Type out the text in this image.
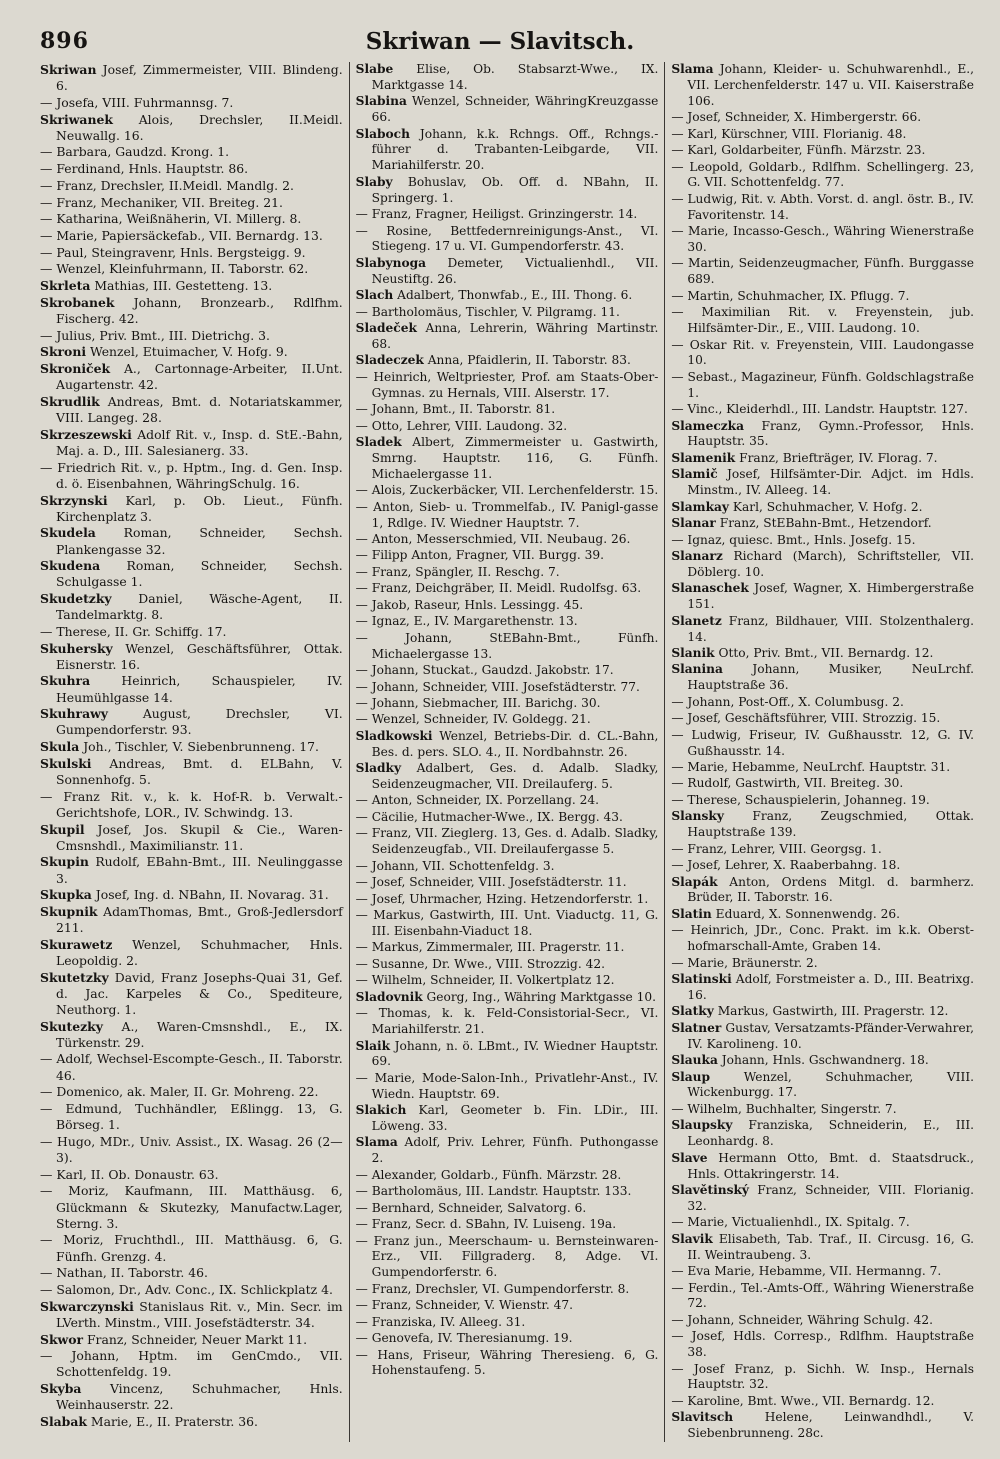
896	Skriwan — Slavitsch.

Skriwan Josef, Zimmermeister, VIII. Blindeng. 6.

— Josefa, VIII. Fuhrmannsg. 7.

Skriwanek Alois, Drechsler, II.Meidl. Neuwallg. 16.

— Barbara, Gaudzd. Krong. 1.

— Ferdinand, Hnls. Hauptstr. 86.

— Franz, Drechsler, II.Meidl. Mandlg. 2.

— Franz, Mechaniker, VII. Breiteg. 21.

— Katharina, Weißnäherin, VI. Millerg. 8.

— Marie, Papiersäckefab., VII. Bernardg. 13.

— Paul, Steingravenr, Hnls. Bergsteigg. 9.

— Wenzel, Kleinfuhrmann, II. Taborstr. 62.

Skrleta Mathias, III. Gestetteng. 13.

Skrobanek Johann, Bronzearb., Rdlfhm. Fischerg. 42.

— Julius, Priv. Bmt., III. Dietrichg. 3.

Skroni Wenzel, Etuimacher, V. Hofg. 9.

Skroniček A., Cartonnage-Arbeiter, II.Unt. Augartenstr. 42.

Skrudlik Andreas, Bmt. d. Notariatskammer, VIII. Langeg. 28.

Skrzeszewski Adolf Rit. v., Insp. d. StE.-Bahn, Maj. a. D., III. Salesianerg. 33.

— Friedrich Rit. v., p. Hptm., Ing. d. Gen. Insp. d. ö. Eisenbahnen, WähringSchulg. 16.

Skrzynski Karl, p. Ob. Lieut., Fünfh. Kirchenplatz 3.

Skudela Roman, Schneider, Sechsh. Plankengasse 32.

Skudena Roman, Schneider, Sechsh. Schulgasse 1.

Skudetzky Daniel, Wäsche-Agent, II. Tandelmarktg. 8.

— Therese, II. Gr. Schiffg. 17.

Skuhersky Wenzel, Geschäftsführer, Ottak. Eisnerstr. 16.

Skuhra Heinrich, Schauspieler, IV. Heumühlgasse 14.

Skuhrawy August, Drechsler, VI. Gumpendorferstr. 93.

Skula Joh., Tischler, V. Siebenbrunneng. 17.

Skulski Andreas, Bmt. d. ELBahn, V. Sonnenhofg. 5.

— Franz Rit. v., k. k. Hof-R. b. Verwalt.-Gerichtshofe, LOR., IV. Schwindg. 13.

Skupil Josef, Jos. Skupil & Cie., Waren-Cmsnshdl., Maximilianstr. 11.

Skupin Rudolf, EBahn-Bmt., III. Neulinggasse 3.

Skupka Josef, Ing. d. NBahn, II. Novarag. 31.

Skupnik AdamThomas, Bmt., Groß-Jedlersdorf 211.

Skurawetz Wenzel, Schuhmacher, Hnls. Leopoldig. 2.

Skutetzky David, Franz Josephs-Quai 31, Gef. d. Jac. Karpeles & Co., Spediteure, Neuthorg. 1.

Skutezky A., Waren-Cmsnshdl., E., IX. Türkenstr. 29.

— Adolf, Wechsel-Escompte-Gesch., II. Taborstr. 46.

— Domenico, ak. Maler, II. Gr. Mohreng. 22.

— Edmund, Tuchhändler, Eßlingg. 13, G. Börseg. 1.

— Hugo, MDr., Univ. Assist., IX. Wasag. 26 (2—3).

— Karl, II. Ob. Donaustr. 63.

— Moriz, Kaufmann, III. Matthäusg. 6, Glückmann & Skutezky, Manufactw.Lager, Sterng. 3.

— Moriz, Fruchthdl., III. Matthäusg. 6, G. Fünfh. Grenzg. 4.

— Nathan, II. Taborstr. 46.

— Salomon, Dr., Adv. Conc., IX. Schlickplatz 4.

Skwarczynski Stanislaus Rit. v., Min. Secr. im LVerth. Minstm., VIII. Josefstädterstr. 34.

Skwor Franz, Schneider, Neuer Markt 11.

— Johann, Hptm. im GenCmdo., VII. Schottenfeldg. 19.

Skyba Vincenz, Schuhmacher, Hnls. Weinhauserstr. 22.

Slabak Marie, E., II. Praterstr. 36.

Slabe Elise, Ob. Stabsarzt-Wwe., IX. Marktgasse 14.

Slabina Wenzel, Schneider, WähringKreuzgasse 66.

Slaboch Johann, k.k. Rchngs. Off., Rchngs.-führer d. Trabanten-Leibgarde, VII. Mariahilferstr. 20.

Slaby Bohuslav, Ob. Off. d. NBahn, II. Springerg. 1.

— Franz, Fragner, Heiligst. Grinzingerstr. 14.

— Rosine, Bettfedernreinigungs-Anst., VI. Stiegeng. 17 u. VI. Gumpendorferstr. 43.

Slabynoga Demeter, Victualienhdl., VII. Neustiftg. 26.

Slach Adalbert, Thonwfab., E., III. Thong. 6.

— Bartholomäus, Tischler, V. Pilgramg. 11.

Sladeček Anna, Lehrerin, Währing Martinstr. 68.

Sladeczek Anna, Pfaidlerin, II. Taborstr. 83.

— Heinrich, Weltpriester, Prof. am Staats-Ober-Gymnas. zu Hernals, VIII. Alserstr. 17.

— Johann, Bmt., II. Taborstr. 81.

— Otto, Lehrer, VIII. Laudong. 32.

Sladek Albert, Zimmermeister u. Gastwirth, Smrng. Hauptstr. 116, G. Fünfh. Michaelergasse 11.

— Alois, Zuckerbäcker, VII. Lerchenfelderstr. 15.

— Anton, Sieb- u. Trommelfab., IV. Panigl-gasse 1, Rdlge. IV. Wiedner Hauptstr. 7.

— Anton, Messerschmied, VII. Neubaug. 26.

— Filipp Anton, Fragner, VII. Burgg. 39.

— Franz, Spängler, II. Reschg. 7.

— Franz, Deichgräber, II. Meidl. Rudolfsg. 63.

— Jakob, Raseur, Hnls. Lessingg. 45.

— Ignaz, E., IV. Margarethenstr. 13.

— Johann, StEBahn-Bmt., Fünfh. Michaelergasse 13.

— Johann, Stuckat., Gaudzd. Jakobstr. 17.

— Johann, Schneider, VIII. Josefstädterstr. 77.

— Johann, Siebmacher, III. Barichg. 30.

— Wenzel, Schneider, IV. Goldegg. 21.

Sladkowski Wenzel, Betriebs-Dir. d. CL.-Bahn, Bes. d. pers. SLO. 4., II. Nordbahnstr. 26.

Sladky Adalbert, Ges. d. Adalb. Sladky, Seidenzeugmacher, VII. Dreilauferg. 5.

— Anton, Schneider, IX. Porzellang. 24.

— Cäcilie, Hutmacher-Wwe., IX. Bergg. 43.

— Franz, VII. Zieglerg. 13, Ges. d. Adalb. Sladky, Seidenzeugfab., VII. Dreilaufergasse 5.

— Johann, VII. Schottenfeldg. 3.

— Josef, Schneider, VIII. Josefstädterstr. 11.

— Josef, Uhrmacher, Hzing. Hetzendorferstr. 1.

— Markus, Gastwirth, III. Unt. Viaductg. 11, G. III. Eisenbahn-Viaduct 18.

— Markus, Zimmermaler, III. Pragerstr. 11.

— Susanne, Dr. Wwe., VIII. Strozzig. 42.

— Wilhelm, Schneider, II. Volkertplatz 12.

Sladovnik Georg, Ing., Währing Marktgasse 10.

— Thomas, k. k. Feld-Consistorial-Secr., VI. Mariahilferstr. 21.

Slaik Johann, n. ö. LBmt., IV. Wiedner Hauptstr. 69.

— Marie, Mode-Salon-Inh., Privatlehr-Anst., IV. Wiedn. Hauptstr. 69.

Slakich Karl, Geometer b. Fin. LDir., III. Löweng. 33.

Slama Adolf, Priv. Lehrer, Fünfh. Puthongasse 2.

— Alexander, Goldarb., Fünfh. Märzstr. 28.

— Bartholomäus, III. Landstr. Hauptstr. 133.

— Bernhard, Schneider, Salvatorg. 6.

— Franz, Secr. d. SBahn, IV. Luiseng. 19a.

— Franz jun., Meerschaum- u. Bernsteinwaren-Erz., VII. Fillgraderg. 8, Adge. VI. Gumpendorferstr. 6.

— Franz, Drechsler, VI. Gumpendorferstr. 8.

— Franz, Schneider, V. Wienstr. 47.

— Franziska, IV. Alleeg. 31.

— Genovefa, IV. Theresianumg. 19.

— Hans, Friseur, Währing Theresieng. 6, G. Hohenstaufeng. 5.

Slama Johann, Kleider- u. Schuhwarenhdl., E., VII. Lerchenfelderstr. 147 u. VII. Kaiserstraße 106.

— Josef, Schneider, X. Himbergerstr. 66.

— Karl, Kürschner, VIII. Florianig. 48.

— Karl, Goldarbeiter, Fünfh. Märzstr. 23.

— Leopold, Goldarb., Rdlfhm. Schellingerg. 23, G. VII. Schottenfeldg. 77.

— Ludwig, Rit. v. Abth. Vorst. d. angl. östr. B., IV. Favoritenstr. 14.

— Marie, Incasso-Gesch., Währing Wienerstraße 30.

— Martin, Seidenzeugmacher, Fünfh. Burggasse 689.

— Martin, Schuhmacher, IX. Pflugg. 7.

— Maximilian Rit. v. Freyenstein, jub. Hilfsämter-Dir., E., VIII. Laudong. 10.

— Oskar Rit. v. Freyenstein, VIII. Laudongasse 10.

— Sebast., Magazineur, Fünfh. Goldschlagstraße 1.

— Vinc., Kleiderhdl., III. Landstr. Hauptstr. 127.

Slameczka Franz, Gymn.-Professor, Hnls. Hauptstr. 35.

Slamenik Franz, Briefträger, IV. Florag. 7.

Slamič Josef, Hilfsämter-Dir. Adjct. im Hdls. Minstm., IV. Alleeg. 14.

Slamkay Karl, Schuhmacher, V. Hofg. 2.

Slanar Franz, StEBahn-Bmt., Hetzendorf.

— Ignaz, quiesc. Bmt., Hnls. Josefg. 15.

Slanarz Richard (March), Schriftsteller, VII. Döblerg. 10.

Slanaschek Josef, Wagner, X. Himbergerstraße 151.

Slanetz Franz, Bildhauer, VIII. Stolzenthalerg. 14.

Slanik Otto, Priv. Bmt., VII. Bernardg. 12.

Slanina Johann, Musiker, NeuLrchf. Hauptstraße 36.

— Johann, Post-Off., X. Columbusg. 2.

— Josef, Geschäftsführer, VIII. Strozzig. 15.

— Ludwig, Friseur, IV. Gußhausstr. 12, G. IV. Gußhausstr. 14.

— Marie, Hebamme, NeuLrchf. Hauptstr. 31.

— Rudolf, Gastwirth, VII. Breiteg. 30.

— Therese, Schauspielerin, Johanneg. 19.

Slansky Franz, Zeugschmied, Ottak. Hauptstraße 139.

— Franz, Lehrer, VIII. Georgsg. 1.

— Josef, Lehrer, X. Raaberbahng. 18.

Slapák Anton, Ordens Mitgl. d. barmherz. Brüder, II. Taborstr. 16.

Slatin Eduard, X. Sonnenwendg. 26.

— Heinrich, JDr., Conc. Prakt. im k.k. Oberst-hofmarschall-Amte, Graben 14.

— Marie, Bräunerstr. 2.

Slatinski Adolf, Forstmeister a. D., III. Beatrixg. 16.

Slatky Markus, Gastwirth, III. Pragerstr. 12.

Slatner Gustav, Versatzamts-Pfänder-Verwahrer, IV. Karolineng. 10.

Slauka Johann, Hnls. Gschwandnerg. 18.

Slaup Wenzel, Schuhmacher, VIII. Wickenburgg. 17.

— Wilhelm, Buchhalter, Singerstr. 7.

Slaupsky Franziska, Schneiderin, E., III. Leonhardg. 8.

Slave Hermann Otto, Bmt. d. Staatsdruck., Hnls. Ottakringerstr. 14.

Slavětinský Franz, Schneider, VIII. Florianig. 32.

— Marie, Victualienhdl., IX. Spitalg. 7.

Slavik Elisabeth, Tab. Traf., II. Circusg. 16, G. II. Weintraubeng. 3.

— Eva Marie, Hebamme, VII. Hermanng. 7.

— Ferdin., Tel.-Amts-Off., Währing Wienerstraße 72.

— Johann, Schneider, Währing Schulg. 42.

— Josef, Hdls. Corresp., Rdlfhm. Hauptstraße 38.

— Josef Franz, p. Sichh. W. Insp., Hernals Hauptstr. 32.

— Karoline, Bmt. Wwe., VII. Bernardg. 12.

Slavitsch Helene, Leinwandhdl., V. Siebenbrunneng. 28c.
